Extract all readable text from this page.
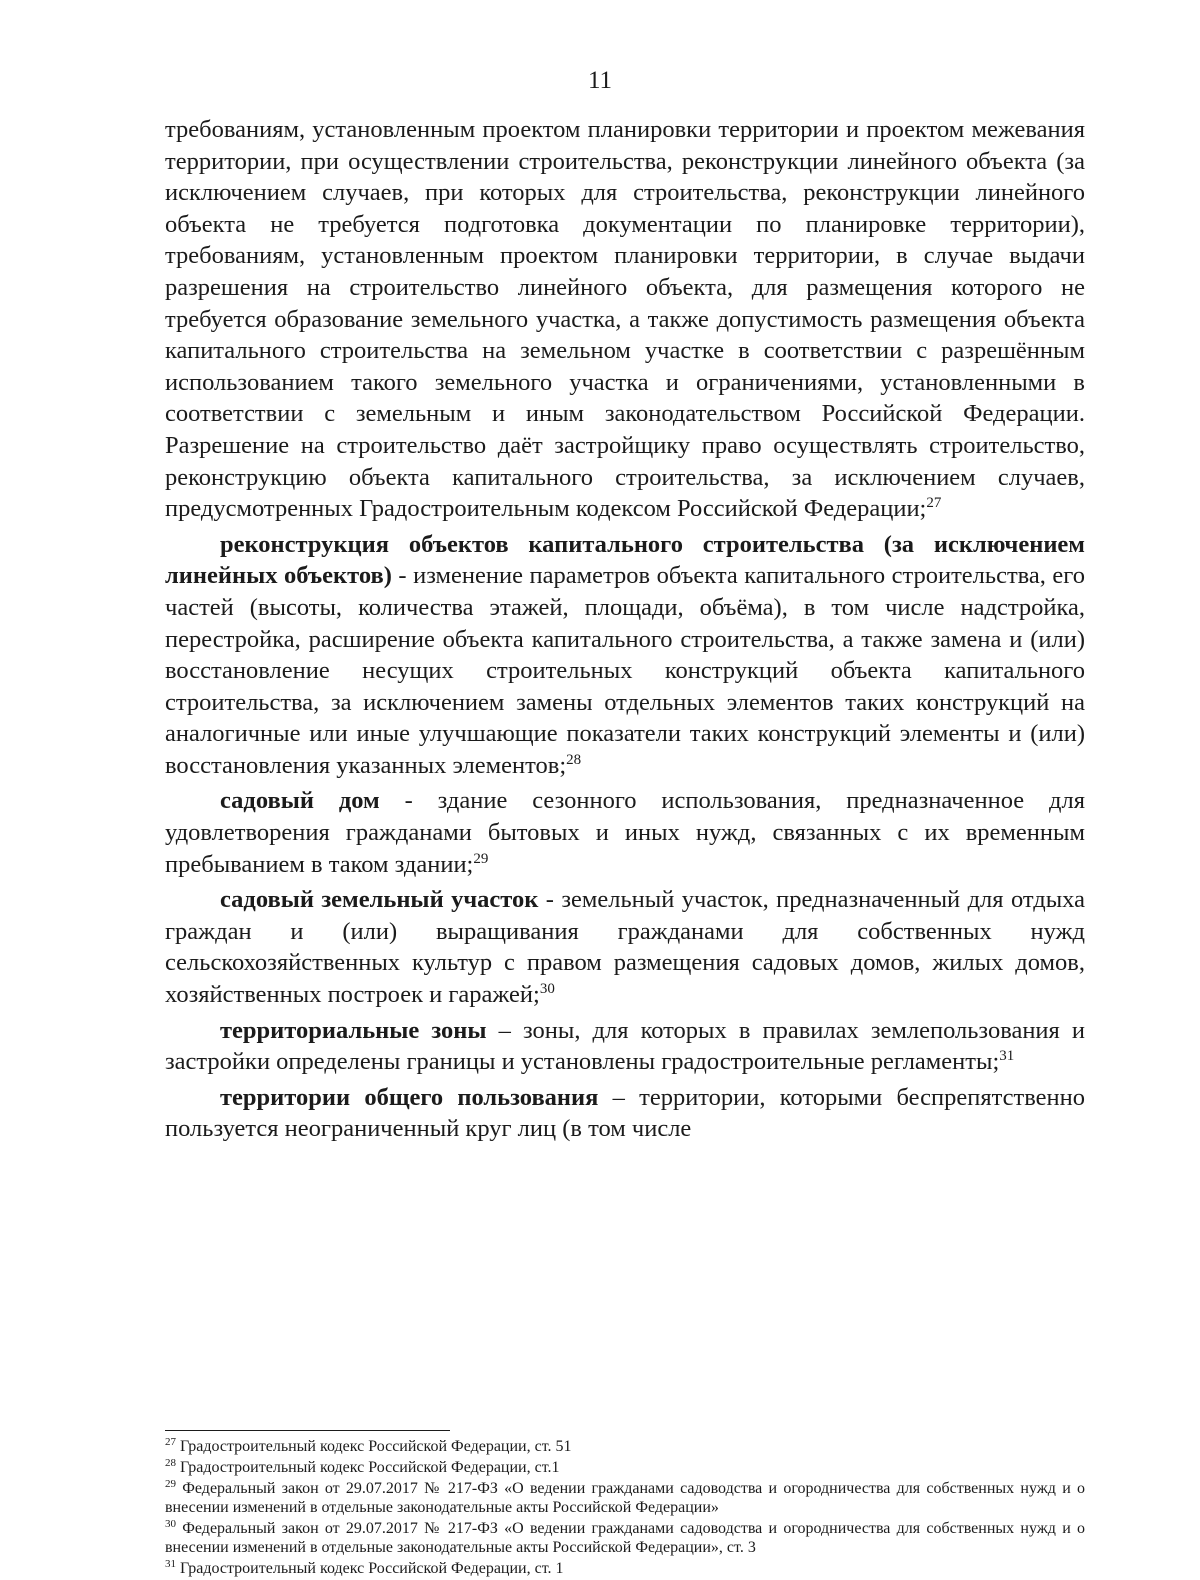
11

требованиям, установленным проектом планировки территории и проектом межевания территории, при осуществлении строительства, реконструкции линейного объекта (за исключением случаев, при которых для строительства, реконструкции линейного объекта не требуется подготовка документации по планировке территории), требованиям, установленным проектом планировки территории, в случае выдачи разрешения на строительство линейного объекта, для размещения которого не требуется образование земельного участка, а также допустимость размещения объекта капитального строительства на земельном участке в соответствии с разрешённым использованием такого земельного участка и ограничениями, установленными в соответствии с земельным и иным законодательством Российской Федерации. Разрешение на строительство даёт застройщику право осуществлять строительство, реконструкцию объекта капитального строительства, за исключением случаев, предусмотренных Градостроительным кодексом Российской Федерации;$^{27}$

реконструкция объектов капитального строительства (за исключением линейных объектов) - изменение параметров объекта капитального строительства, его частей (высоты, количества этажей, площади, объёма), в том числе надстройка, перестройка, расширение объекта капитального строительства, а также замена и (или) восстановление несущих строительных конструкций объекта капитального строительства, за исключением замены отдельных элементов таких конструкций на аналогичные или иные улучшающие показатели таких конструкций элементы и (или) восстановления указанных элементов;$^{28}$

садовый дом - здание сезонного использования, предназначенное для удовлетворения гражданами бытовых и иных нужд, связанных с их временным пребыванием в таком здании;$^{29}$

садовый земельный участок - земельный участок, предназначенный для отдыха граждан и (или) выращивания гражданами для собственных нужд сельскохозяйственных культур с правом размещения садовых домов, жилых домов, хозяйственных построек и гаражей;$^{30}$

территориальные зоны – зоны, для которых в правилах землепользования и застройки определены границы и установлены градостроительные регламенты;$^{31}$

территории общего пользования – территории, которыми беспрепятственно пользуется неограниченный круг лиц (в том числе

$^{27}$ Градостроительный кодекс Российской Федерации, ст. 51

$^{28}$ Градостроительный кодекс Российской Федерации, ст.1

$^{29}$ Федеральный закон от 29.07.2017 № 217-ФЗ «О ведении гражданами садоводства и огородничества для собственных нужд и о внесении изменений в отдельные законодательные акты Российской Федерации»

$^{30}$ Федеральный закон от 29.07.2017 № 217-ФЗ «О ведении гражданами садоводства и огородничества для собственных нужд и о внесении изменений в отдельные законодательные акты Российской Федерации», ст. 3

$^{31}$ Градостроительный кодекс Российской Федерации, ст. 1
